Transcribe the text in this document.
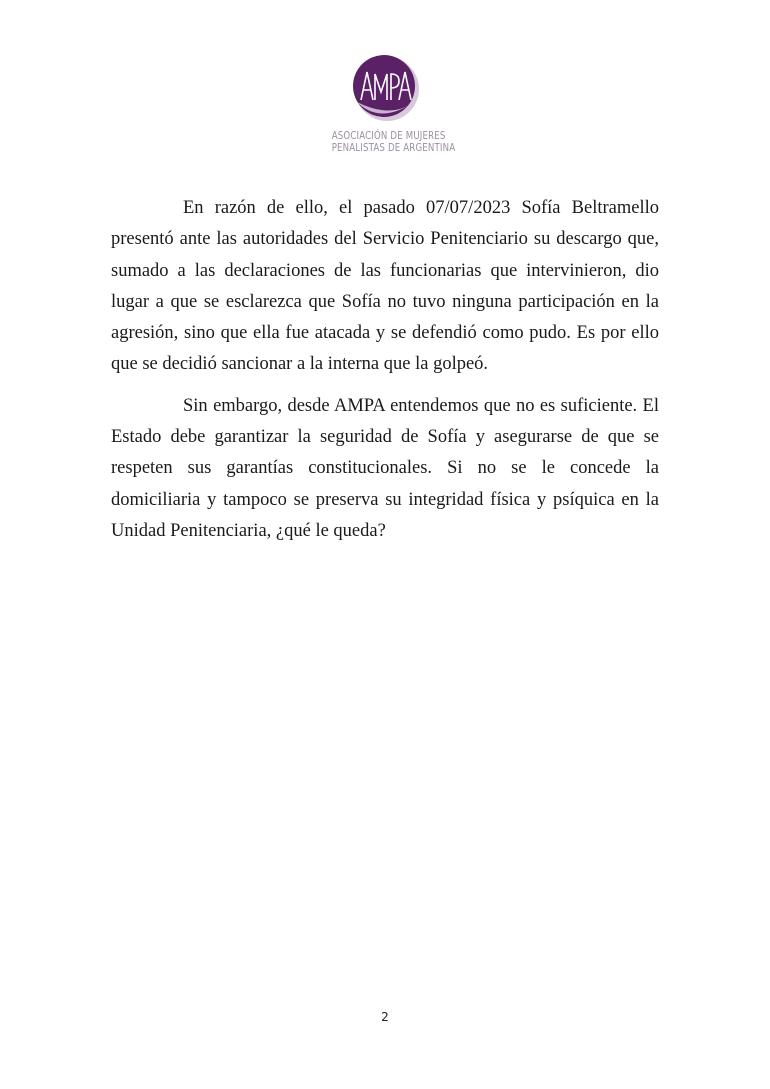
ASOCIACIÓN DE MUJERES
PENALISTAS DE ARGENTINA

En razón de ello, el pasado 07/07/2023 Sofía Beltramello presentó ante las autoridades del Servicio Penitenciario su descargo que, sumado a las declaraciones de las funcionarias que intervinieron, dio lugar a que se esclarezca que Sofía no tuvo ninguna participación en la agresión, sino que ella fue atacada y se defendió como pudo. Es por ello que se decidió sancionar a la interna que la golpeó.

Sin embargo, desde AMPA entendemos que no es suficiente. El Estado debe garantizar la seguridad de Sofía y asegurarse de que se respeten sus garantías constitucionales. Si no se le concede la domiciliaria y tampoco se preserva su integridad física y psíquica en la Unidad Penitenciaria, ¿qué le queda?

2
